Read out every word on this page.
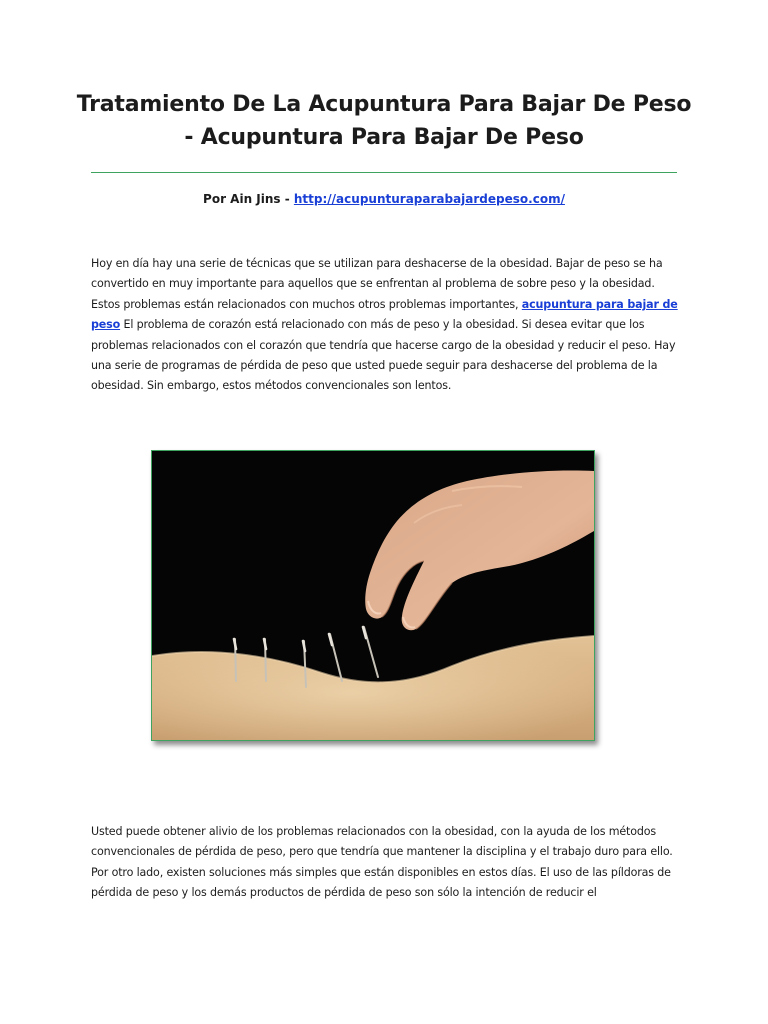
Tratamiento De La Acupuntura Para Bajar De Peso
- Acupuntura Para Bajar De Peso
Por Ain Jins - http://acupunturaparabajardepeso.com/

Hoy en día hay una serie de técnicas que se utilizan para deshacerse de la obesidad. Bajar de peso se ha convertido en muy importante para aquellos que se enfrentan al problema de sobre peso y la obesidad. Estos problemas están relacionados con muchos otros problemas importantes, acupuntura para bajar de peso El problema de corazón está relacionado con más de peso y la obesidad. Si desea evitar que los problemas relacionados con el corazón que tendría que hacerse cargo de la obesidad y reducir el peso. Hay una serie de programas de pérdida de peso que usted puede seguir para deshacerse del problema de la obesidad. Sin embargo, estos métodos convencionales son lentos.

Usted puede obtener alivio de los problemas relacionados con la obesidad, con la ayuda de los métodos convencionales de pérdida de peso, pero que tendría que mantener la disciplina y el trabajo duro para ello. Por otro lado, existen soluciones más simples que están disponibles en estos días. El uso de las píldoras de pérdida de peso y los demás productos de pérdida de peso son sólo la intención de reducir el
